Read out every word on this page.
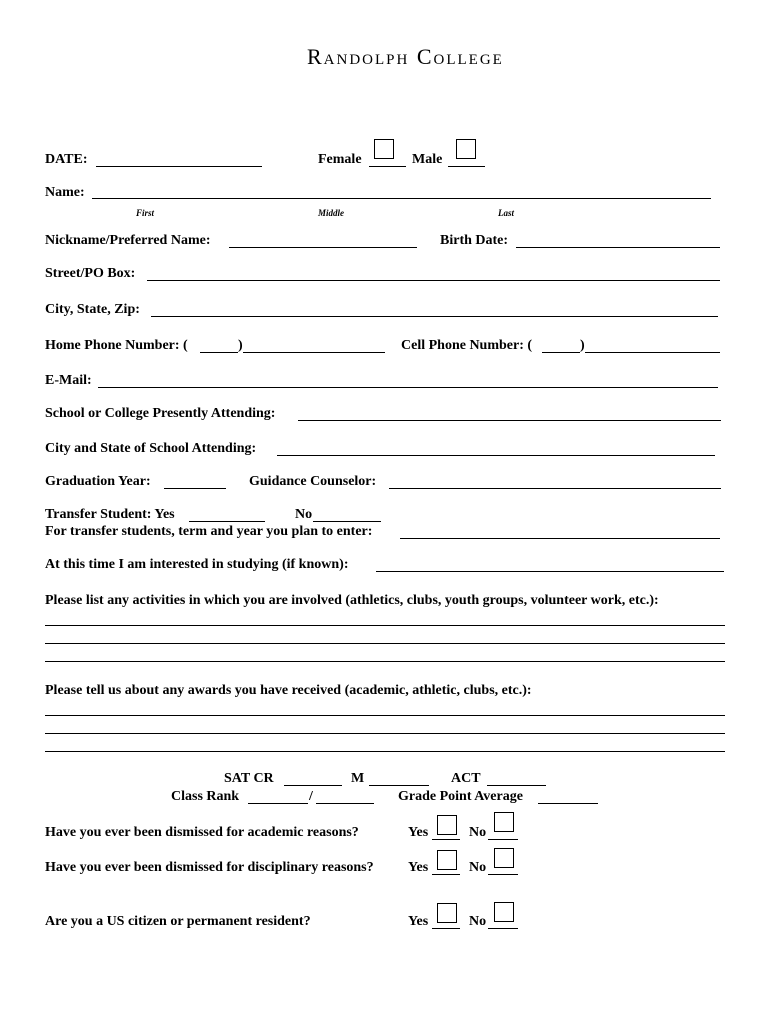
Randolph College
DATE:	Female	Male
Name:
First	Middle	Last
Nickname/Preferred Name:	Birth Date:
Street/PO Box:
City, State, Zip:
Home Phone Number: (	)	Cell Phone Number: (	)
E-Mail:
School or College Presently Attending:
City and State of School Attending:
Graduation Year:	Guidance Counselor:
Transfer Student: Yes	No
For transfer students, term and year you plan to enter:
At this time I am interested in studying (if known):
Please list any activities in which you are involved (athletics, clubs, youth groups, volunteer work, etc.):
Please tell us about any awards you have received (academic, athletic, clubs, etc.):
SAT CR	M	ACT
Class Rank	/	Grade Point Average
Have you ever been dismissed for academic reasons?	Yes	No
Have you ever been dismissed for disciplinary reasons? Yes	No
Are you a US citizen or permanent resident?	Yes	No
